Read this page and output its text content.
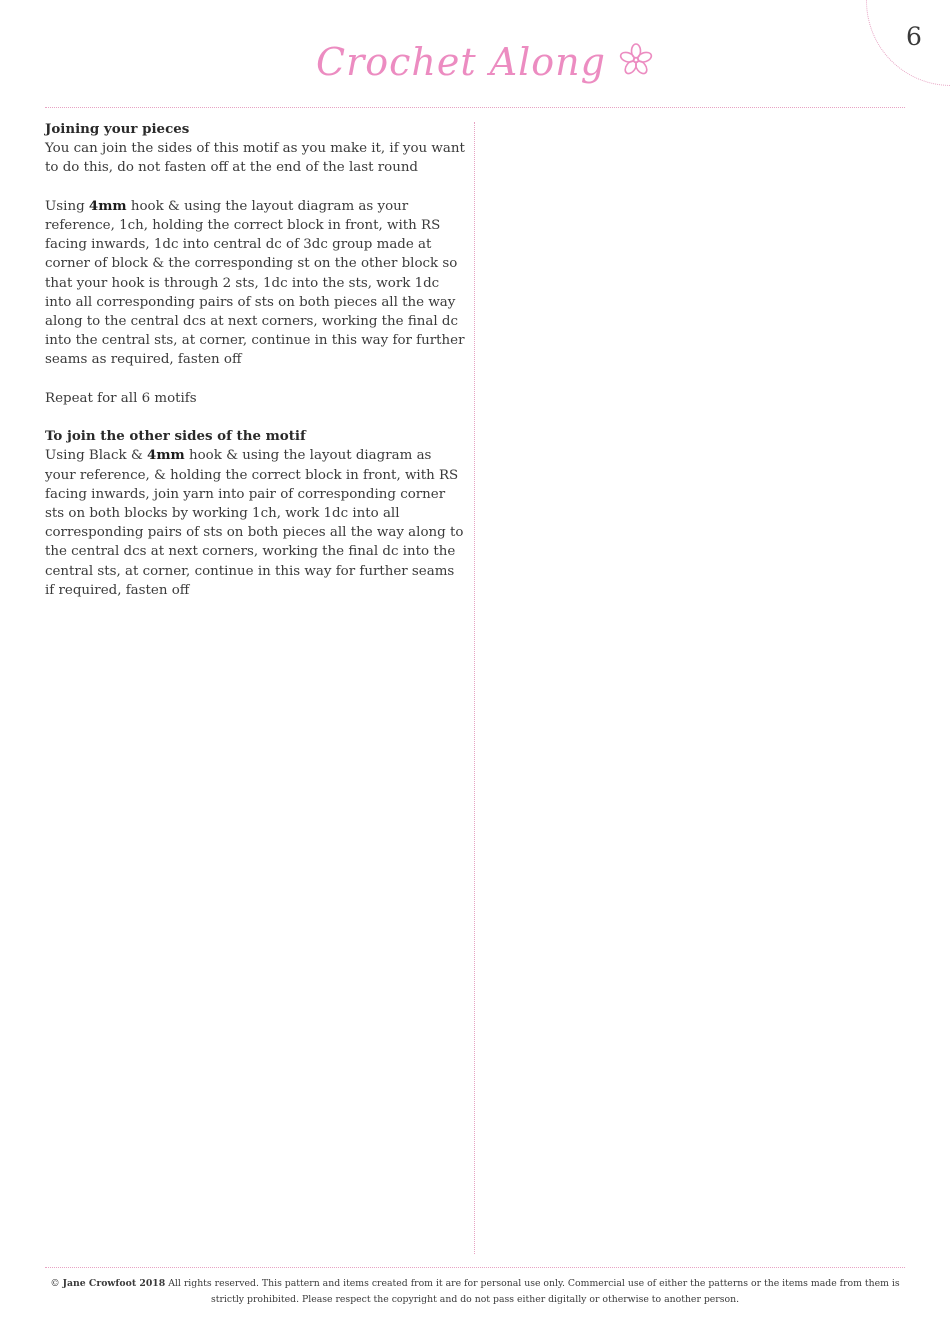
6
Crochet Along

Joining your pieces

You can join the sides of this motif as you make it, if you want to do this, do not fasten off at the end of the last round

Using 4mm hook & using the layout diagram as your reference, 1ch, holding the correct block in front, with RS facing inwards, 1dc into central dc of 3dc group made at corner of block & the corresponding st on the other block so that your hook is through 2 sts, 1dc into the sts, work 1dc into all corresponding pairs of sts on both pieces all the way along to the central dcs at next corners, working the final dc into the central sts, at corner, continue in this way for further seams as required, fasten off

Repeat for all 6 motifs

To join the other sides of the motif

Using Black & 4mm hook & using the layout diagram as your reference, & holding the correct block in front, with RS facing inwards, join yarn into pair of corresponding corner sts on both blocks by working 1ch, work 1dc into all corresponding pairs of sts on both pieces all the way along to the central dcs at next corners, working the final dc into the central sts, at corner, continue in this way for further seams if required, fasten off

© Jane Crowfoot 2018 All rights reserved. This pattern and items created from it are for personal use only. Commercial use of either the patterns or the items made from them is strictly prohibited. Please respect the copyright and do not pass either digitally or otherwise to another person.
